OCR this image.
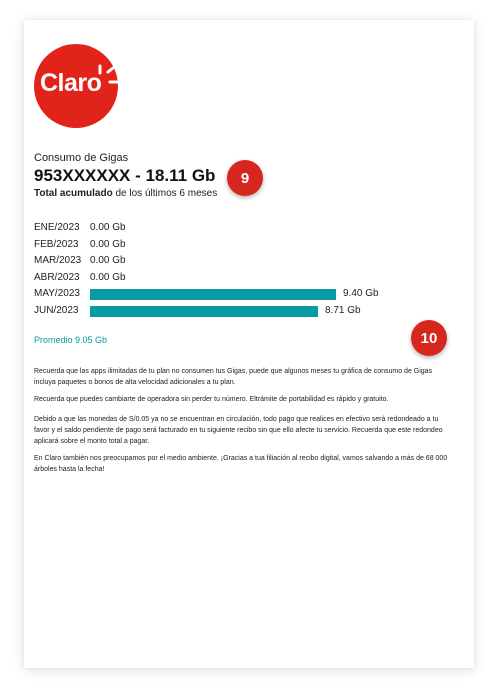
Claro
Consumo de Gigas
953XXXXXX - 18.11 Gb
Total acumulado de los últimos 6 meses
9
ENE/2023	0.00 Gb
FEB/2023	0.00 Gb
MAR/2023 0.00 Gb
ABR/2023	0.00 Gb
MAY/2023	9.40 Gb
JUN/2023	8.71 Gb
Promedio 9.05 Gb	10
Recuerda que las apps ilimitadas de tu plan no consumen tus Gigas, puede que algunos meses tu gráfica de consumo de Gigas incluya paquetes o bonos de alta velocidad adicionales a tu plan.
Recuerda que puedes cambiarte de operadora sin perder tu número. Eltrámite de portabilidad es rápido y gratuito.
Debido a que las monedas de S/0.05 ya no se encuentran en circulación, todo pago que realices en efectivo será redondeado a tu favor y el saldo pendiente de pago será facturado en tu siguiente recibo sin que ello afecte tu servicio. Recuerda que este redondeo aplicará sobre el monto total a pagar.
En Claro también nos preocupamos por el medio ambiente. ¡Gracias a tua filiación al recibo digital, vamos salvando a más de 68 000 árboles hasta la fecha!
